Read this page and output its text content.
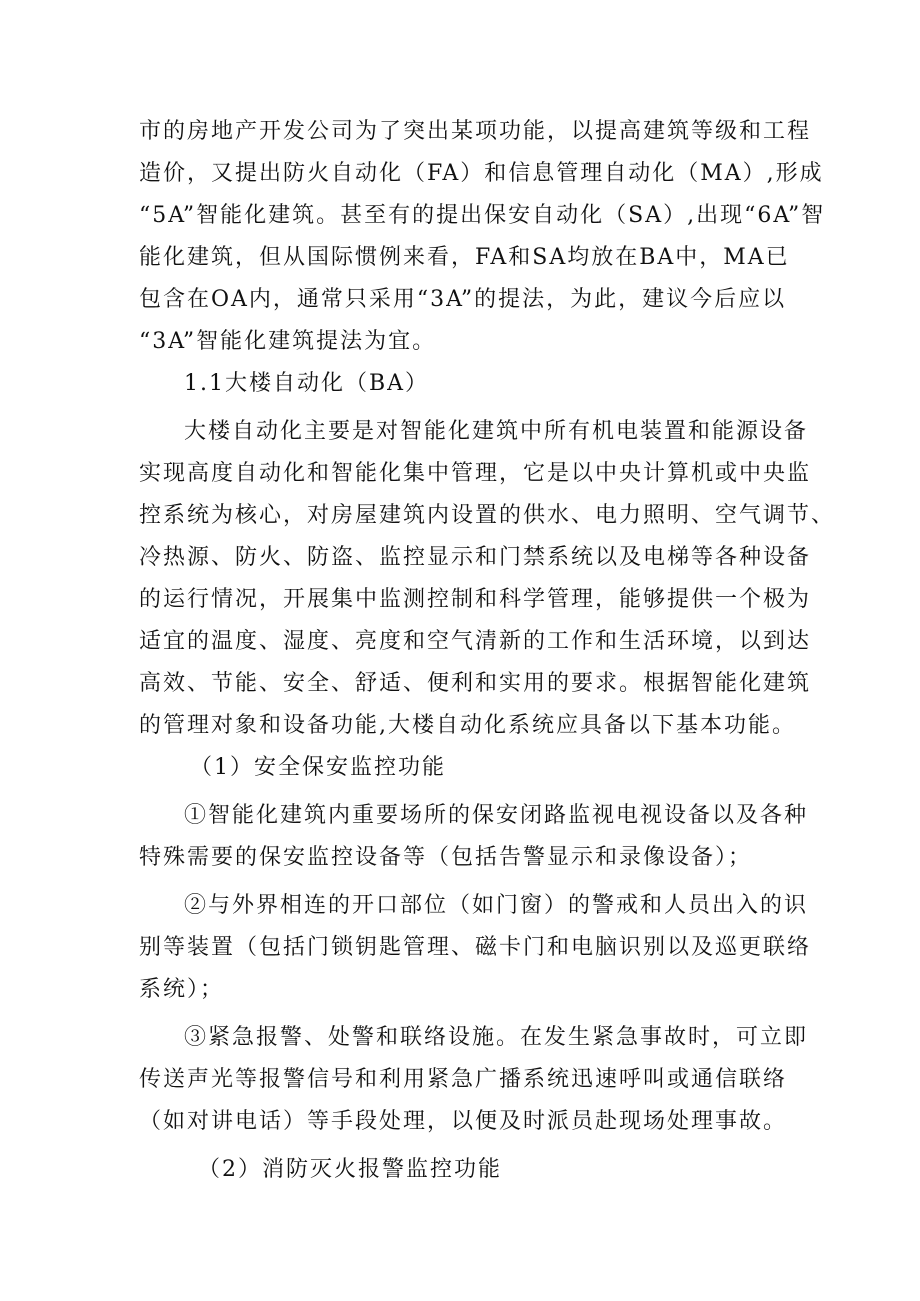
市的房地产开发公司为了突出某项功能，以提高建筑等级和工程
造价，又提出防火自动化（FA）和信息管理自动化（MA）,形成
“5A”智能化建筑。甚至有的提出保安自动化（SA）,出现“6A”智
能化建筑，但从国际惯例来看，FA和SA均放在BA中，MA已
包含在OA内，通常只采用“3A”的提法，为此，建议今后应以
“3A”智能化建筑提法为宜。
1.1大楼自动化（BA）
大楼自动化主要是对智能化建筑中所有机电装置和能源设备
实现高度自动化和智能化集中管理，它是以中央计算机或中央监
控系统为核心，对房屋建筑内设置的供水、电力照明、空气调节、
冷热源、防火、防盗、监控显示和门禁系统以及电梯等各种设备
的运行情况，开展集中监测控制和科学管理，能够提供一个极为
适宜的温度、湿度、亮度和空气清新的工作和生活环境，以到达
高效、节能、安全、舒适、便利和实用的要求。根据智能化建筑
的管理对象和设备功能,大楼自动化系统应具备以下基本功能。
（1）安全保安监控功能
①智能化建筑内重要场所的保安闭路监视电视设备以及各种
特殊需要的保安监控设备等（包括告警显示和录像设备）；
②与外界相连的开口部位（如门窗）的警戒和人员出入的识
别等装置（包括门锁钥匙管理、磁卡门和电脑识别以及巡更联络
系统）；
③紧急报警、处警和联络设施。在发生紧急事故时，可立即
传送声光等报警信号和利用紧急广播系统迅速呼叫或通信联络
（如对讲电话）等手段处理，以便及时派员赴现场处理事故。
（2）消防灭火报警监控功能
